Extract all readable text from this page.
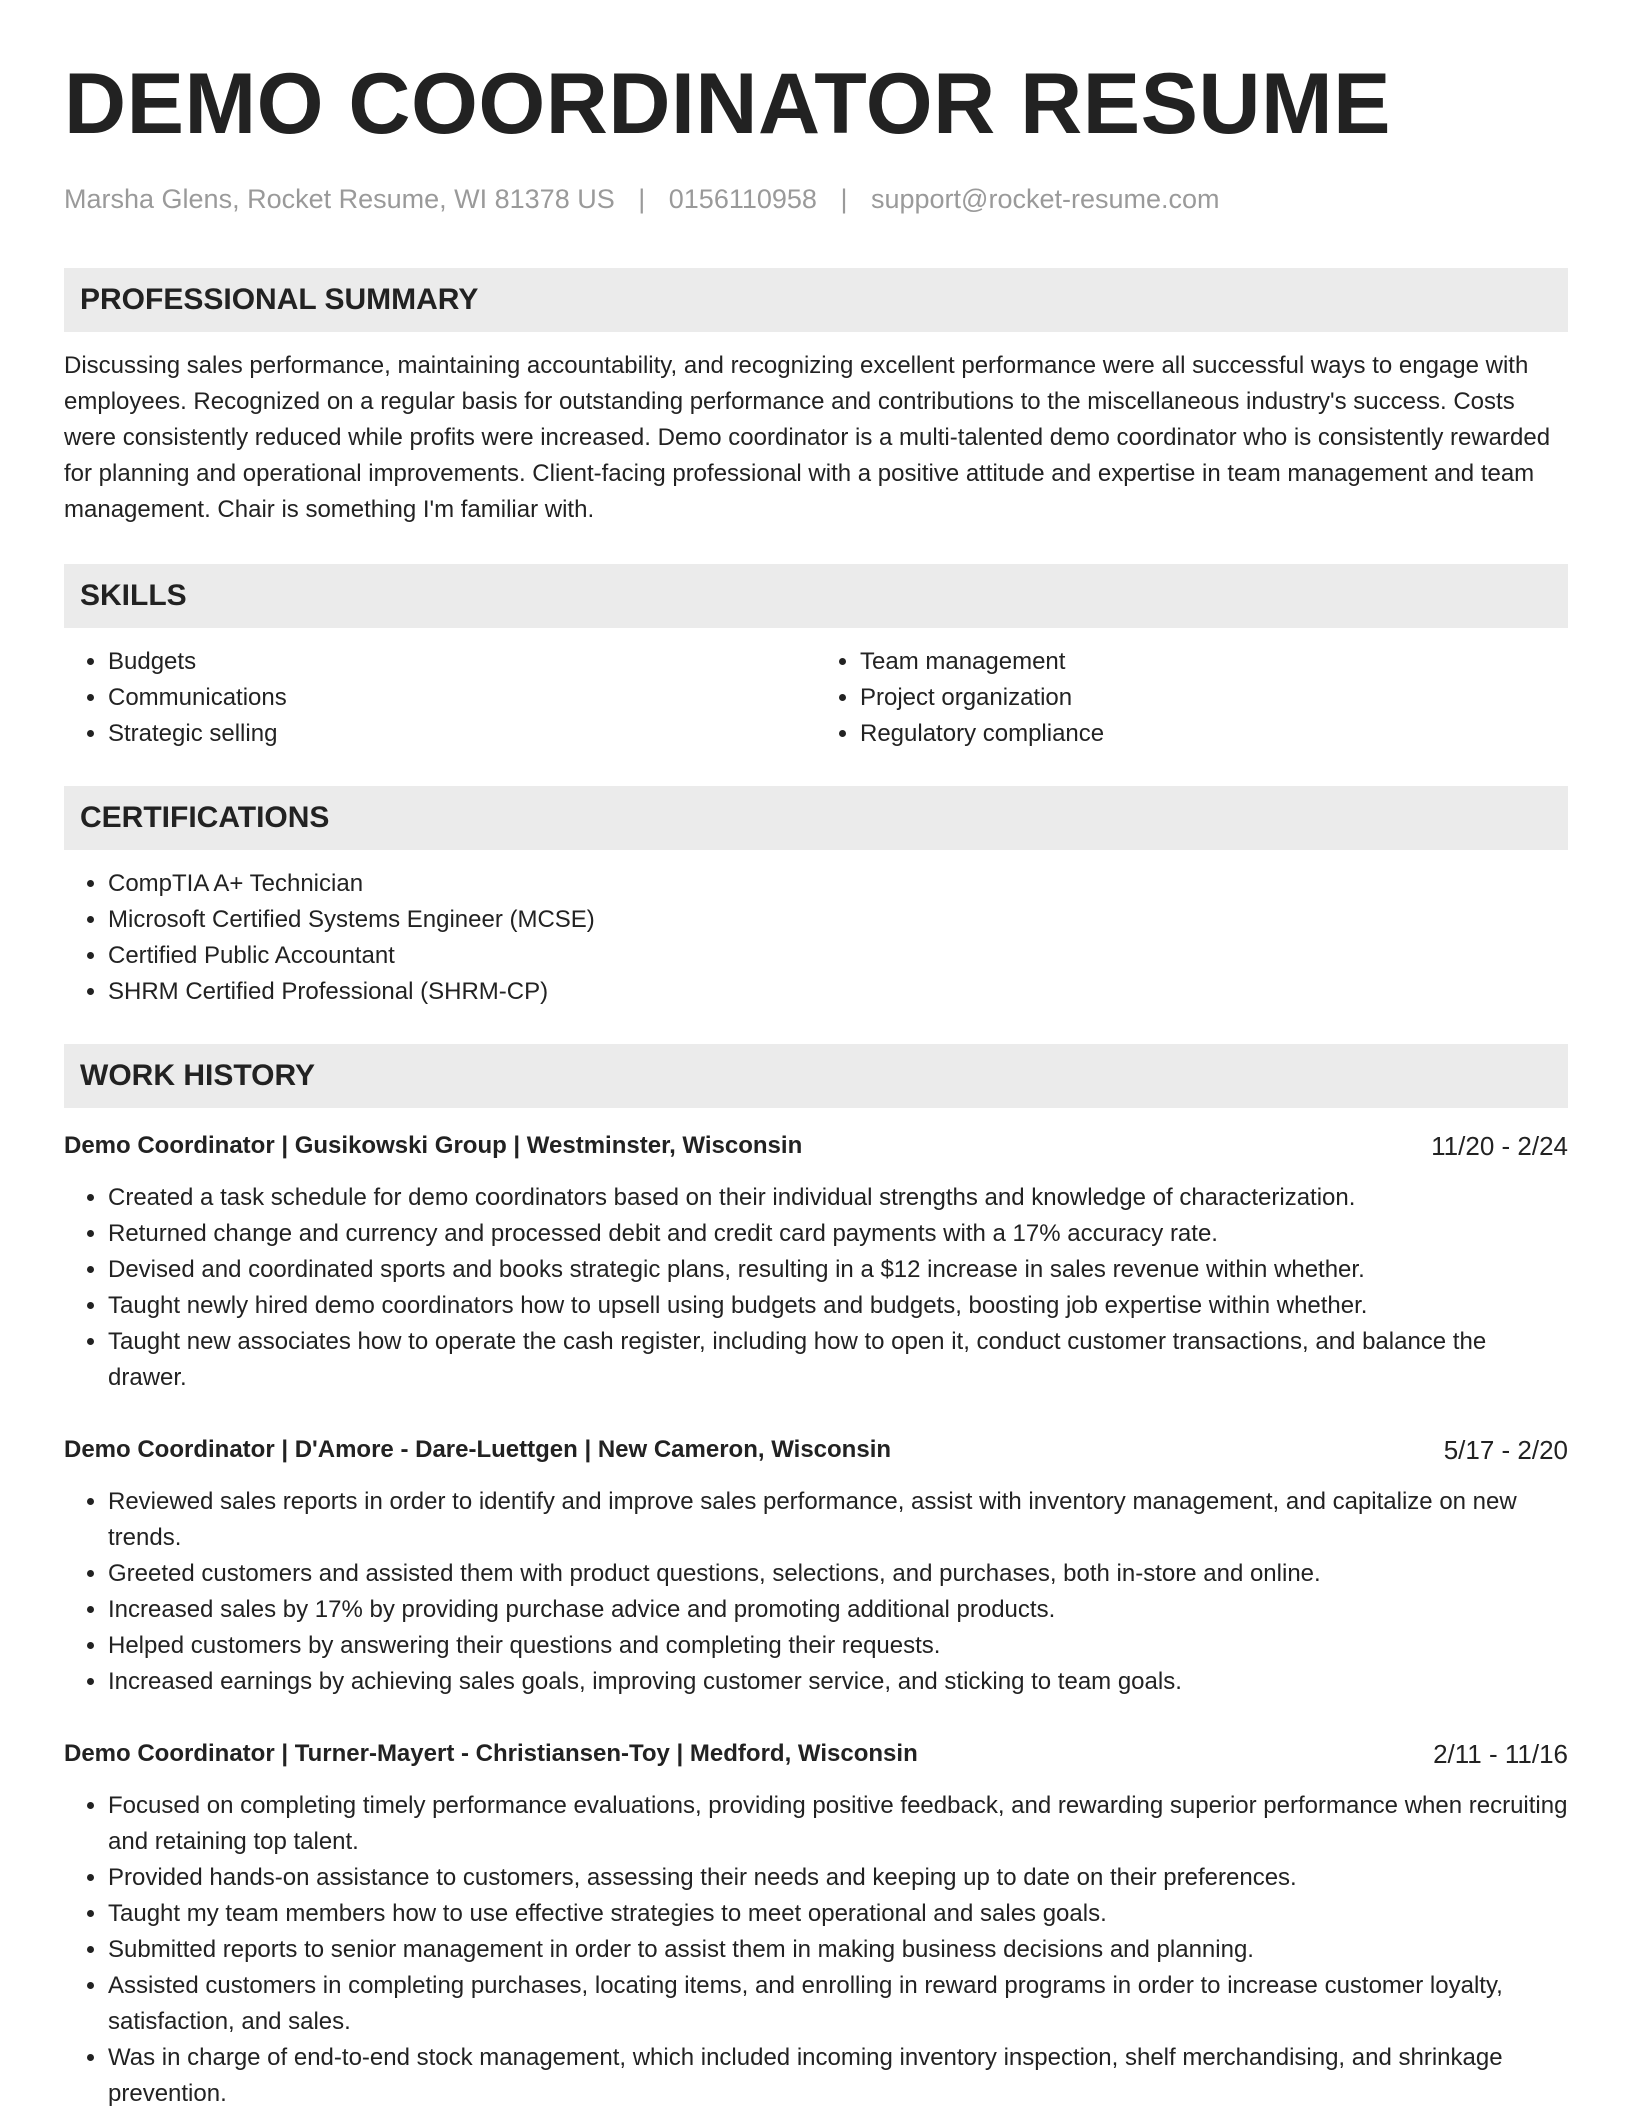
DEMO COORDINATOR RESUME
Marsha Glens, Rocket Resume, WI 81378 US | 0156110958 | support@rocket-resume.com
PROFESSIONAL SUMMARY

Discussing sales performance, maintaining accountability, and recognizing excellent performance were all successful ways to engage with employees. Recognized on a regular basis for outstanding performance and contributions to the miscellaneous industry's success. Costs were consistently reduced while profits were increased. Demo coordinator is a multi-talented demo coordinator who is consistently rewarded for planning and operational improvements. Client-facing professional with a positive attitude and expertise in team management and team management. Chair is something I'm familiar with.

SKILLS
• Budgets
• Communications
• Strategic selling
• Team management
• Project organization
• Regulatory compliance
CERTIFICATIONS
• CompTIA A+ Technician
• Microsoft Certified Systems Engineer (MCSE)
• Certified Public Accountant
• SHRM Certified Professional (SHRM-CP)
WORK HISTORY
Demo Coordinator | Gusikowski Group | Westminster, Wisconsin	11/20 - 2/24
• Created a task schedule for demo coordinators based on their individual strengths and knowledge of characterization.
• Returned change and currency and processed debit and credit card payments with a 17% accuracy rate.
• Devised and coordinated sports and books strategic plans, resulting in a $12 increase in sales revenue within whether.
• Taught newly hired demo coordinators how to upsell using budgets and budgets, boosting job expertise within whether.
• Taught new associates how to operate the cash register, including how to open it, conduct customer transactions, and balance the drawer.
Demo Coordinator | D'Amore - Dare-Luettgen | New Cameron, Wisconsin	5/17 - 2/20
• Reviewed sales reports in order to identify and improve sales performance, assist with inventory management, and capitalize on new trends.
• Greeted customers and assisted them with product questions, selections, and purchases, both in-store and online.
• Increased sales by 17% by providing purchase advice and promoting additional products.
• Helped customers by answering their questions and completing their requests.
• Increased earnings by achieving sales goals, improving customer service, and sticking to team goals.
Demo Coordinator | Turner-Mayert - Christiansen-Toy | Medford, Wisconsin	2/11 - 11/16
• Focused on completing timely performance evaluations, providing positive feedback, and rewarding superior performance when recruiting and retaining top talent.
• Provided hands-on assistance to customers, assessing their needs and keeping up to date on their preferences.
• Taught my team members how to use effective strategies to meet operational and sales goals.
• Submitted reports to senior management in order to assist them in making business decisions and planning.
• Assisted customers in completing purchases, locating items, and enrolling in reward programs in order to increase customer loyalty, satisfaction, and sales.
• Was in charge of end-to-end stock management, which included incoming inventory inspection, shelf merchandising, and shrinkage prevention.
